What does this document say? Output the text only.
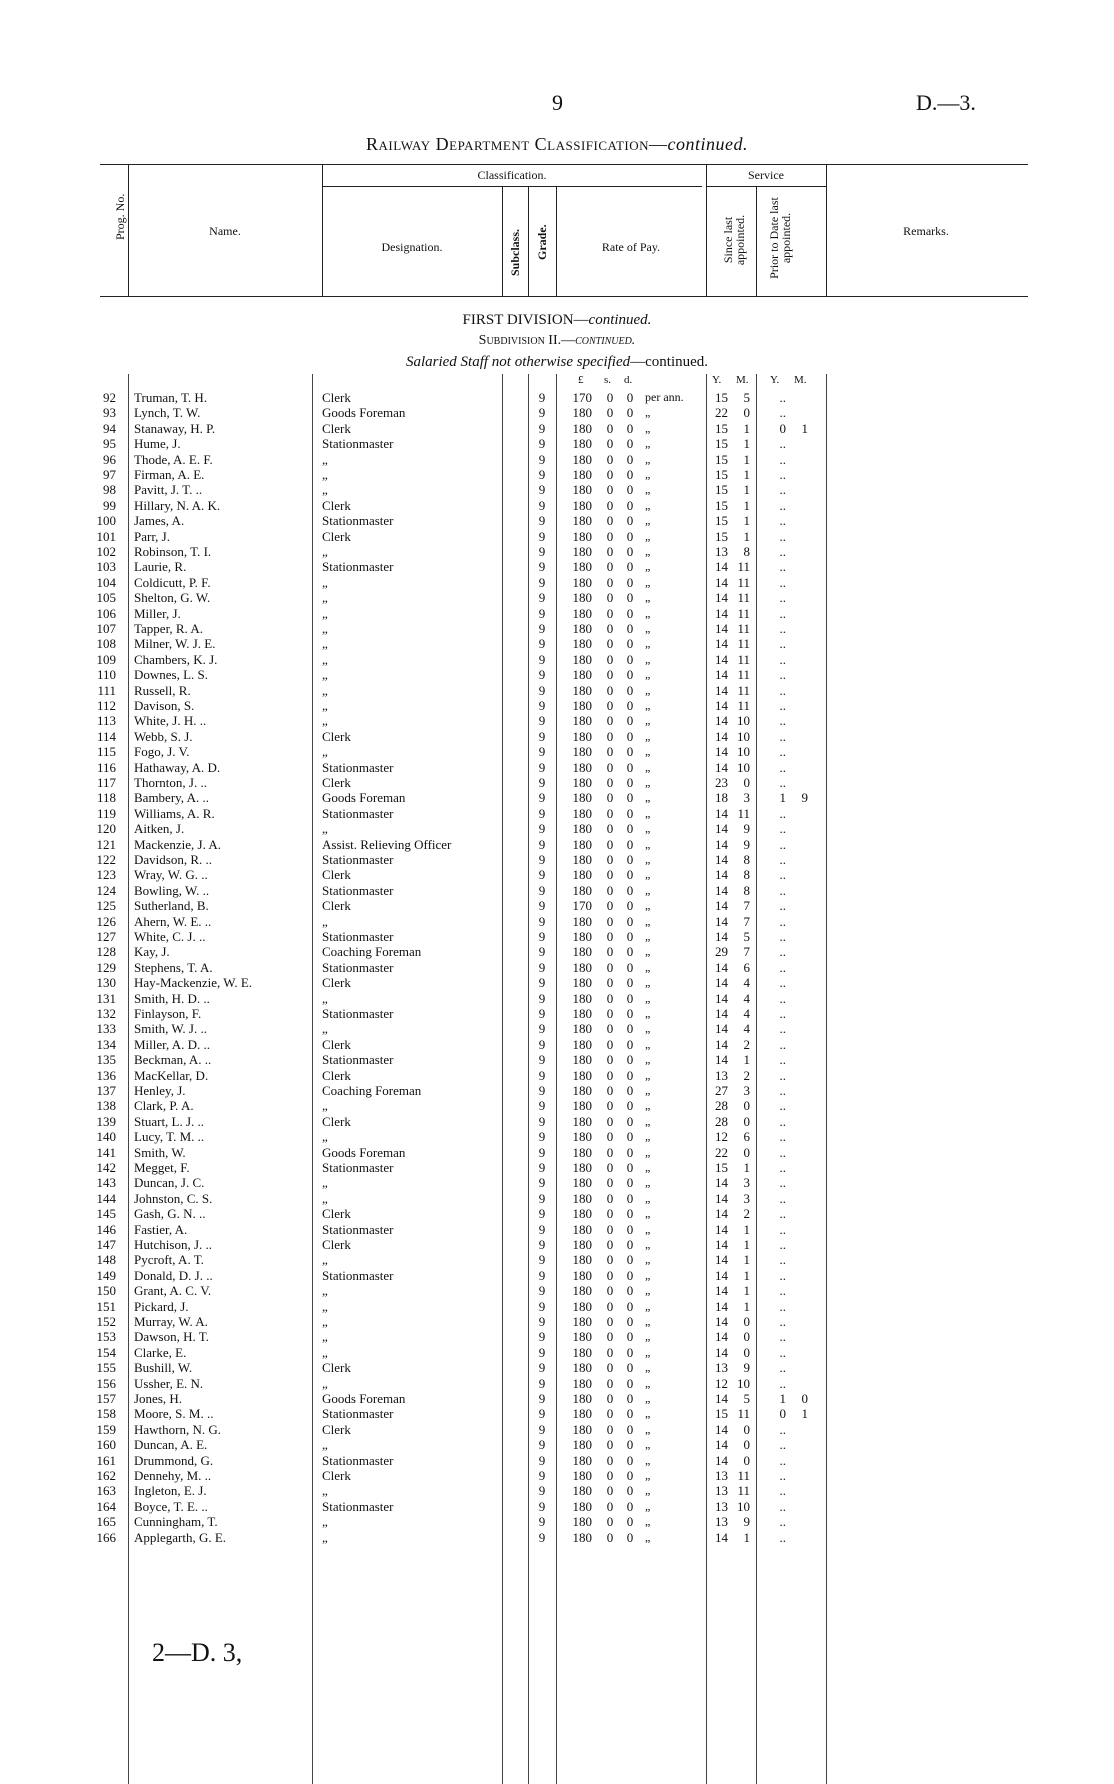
9	D.—3.
Railway Department Classification—continued.
Prog. No.	Name.
Classification.
Designation.	Subclass. Grade.	Rate of Pay.
Service
Since last appointed. Prior to Date last appointed.	Remarks.
FIRST DIVISION—continued.
Subdivision II.—continued.
Salaried Staff not otherwise specified—continued.
£ s. d.	Y. M. Y. M.
92 Truman, T. H.	Clerk	9	170 0 0 per ann.	15	5	..
93 Lynch, T. W.	Goods Foreman	9	180 0 0 „	22	0	..
94 Stanaway, H. P.	Clerk	9	180 0 0 „	15	1	0	1
95 Hume, J.	Stationmaster	9	180 0 0 „	15	1	..
96 Thode, A. E. F.	„	9	180 0 0 „	15	1	..
97 Firman, A. E.	„	9	180 0 0 „	15	1	..
98 Pavitt, J. T. ..	„	9	180 0 0 „	15	1	..
99 Hillary, N. A. K.	Clerk	9	180 0 0 „	15	1	..
100 James, A.	Stationmaster	9	180 0 0 „	15	1	..
101 Parr, J.	Clerk	9	180 0 0 „	15	1	..
102 Robinson, T. I.	„	9	180 0 0 „	13	8	..
103 Laurie, R.	Stationmaster	9	180 0 0 „	14 11	..
104 Coldicutt, P. F.	„	9	180 0 0 „	14 11	..
105 Shelton, G. W.	„	9	180 0 0 „	14 11	..
106 Miller, J.	„	9	180 0 0 „	14 11	..
107 Tapper, R. A.	„	9	180 0 0 „	14 11	..
108 Milner, W. J. E.	„	9	180 0 0 „	14 11	..
109 Chambers, K. J.	„	9	180 0 0 „	14 11	..
110 Downes, L. S.	„	9	180 0 0 „	14 11	..
111 Russell, R.	„	9	180 0 0 „	14 11	..
112 Davison, S.	„	9	180 0 0 „	14 11	..
113 White, J. H. ..	„	9	180 0 0 „	14 10	..
114 Webb, S. J.	Clerk	9	180 0 0 „	14 10	..
115 Fogo, J. V.	„	9	180 0 0 „	14 10	..
116 Hathaway, A. D.	Stationmaster	9	180 0 0 „	14 10	..
117 Thornton, J. ..	Clerk	9	180 0 0 „	23	0	..
118 Bambery, A. ..	Goods Foreman	9	180 0 0 „	18	3	1	9
119 Williams, A. R.	Stationmaster	9	180 0 0 „	14 11	..
120 Aitken, J.	„	9	180 0 0 „	14	9	..
121 Mackenzie, J. A.	Assist. Relieving Officer	9	180 0 0 „	14	9	..
122 Davidson, R. ..	Stationmaster	9	180 0 0 „	14	8	..
123 Wray, W. G. ..	Clerk	9	180 0 0 „	14	8	..
124 Bowling, W. ..	Stationmaster	9	180 0 0 „	14	8	..
125 Sutherland, B.	Clerk	9	170 0 0 „	14	7	..
126 Ahern, W. E. ..	„	9	180 0 0 „	14	7	..
127 White, C. J. ..	Stationmaster	9	180 0 0 „	14	5	..
128 Kay, J.	Coaching Foreman	9	180 0 0 „	29	7	..
129 Stephens, T. A.	Stationmaster	9	180 0 0 „	14	6	..
130 Hay-Mackenzie, W. E.	Clerk	9	180 0 0 „	14	4	..
131 Smith, H. D. ..	„	9	180 0 0 „	14	4	..
132 Finlayson, F.	Stationmaster	9	180 0 0 „	14	4	..
133 Smith, W. J. ..	„	9	180 0 0 „	14	4	..
134 Miller, A. D. ..	Clerk	9	180 0 0 „	14	2	..
135 Beckman, A. ..	Stationmaster	9	180 0 0 „	14	1	..
136 MacKellar, D.	Clerk	9	180 0 0 „	13	2	..
137 Henley, J.	Coaching Foreman	9	180 0 0 „	27	3	..
138 Clark, P. A.	„	9	180 0 0 „	28	0	..
139 Stuart, L. J. ..	Clerk	9	180 0 0 „	28	0	..
140 Lucy, T. M. ..	„	9	180 0 0 „	12	6	..
141 Smith, W.	Goods Foreman	9	180 0 0 „	22	0	..
142 Megget, F.	Stationmaster	9	180 0 0 „	15	1	..
143 Duncan, J. C.	„	9	180 0 0 „	14	3	..
144 Johnston, C. S.	„	9	180 0 0 „	14	3	..
145 Gash, G. N. ..	Clerk	9	180 0 0 „	14	2	..
146 Fastier, A.	Stationmaster	9	180 0 0 „	14	1	..
147 Hutchison, J. ..	Clerk	9	180 0 0 „	14	1	..
148 Pycroft, A. T.	„	9	180 0 0 „	14	1	..
149 Donald, D. J. ..	Stationmaster	9	180 0 0 „	14	1	..
150 Grant, A. C. V.	„	9	180 0 0 „	14	1	..
151 Pickard, J.	„	9	180 0 0 „	14	1	..
152 Murray, W. A.	„	9	180 0 0 „	14	0	..
153 Dawson, H. T.	„	9	180 0 0 „	14	0	..
154 Clarke, E.	„	9	180 0 0 „	14	0	..
155 Bushill, W.	Clerk	9	180 0 0 „	13	9	..
156 Ussher, E. N.	„	9	180 0 0 „	12 10	..
157 Jones, H.	Goods Foreman	9	180 0 0 „	14	5	1	0
158 Moore, S. M. ..	Stationmaster	9	180 0 0 „	15 11	0	1
159 Hawthorn, N. G.	Clerk	9	180 0 0 „	14	0	..
160 Duncan, A. E.	„	9	180 0 0 „	14	0	..
161 Drummond, G.	Stationmaster	9	180 0 0 „	14	0	..
162 Dennehy, M. ..	Clerk	9	180 0 0 „	13 11	..
163 Ingleton, E. J.	„	9	180 0 0 „	13 11	..
164 Boyce, T. E. ..	Stationmaster	9	180 0 0 „	13 10	..
165 Cunningham, T.	„	9	180 0 0 „	13	9	..
166 Applegarth, G. E.	„	9	180 0 0 „	14	1	..
2—D. 3,
